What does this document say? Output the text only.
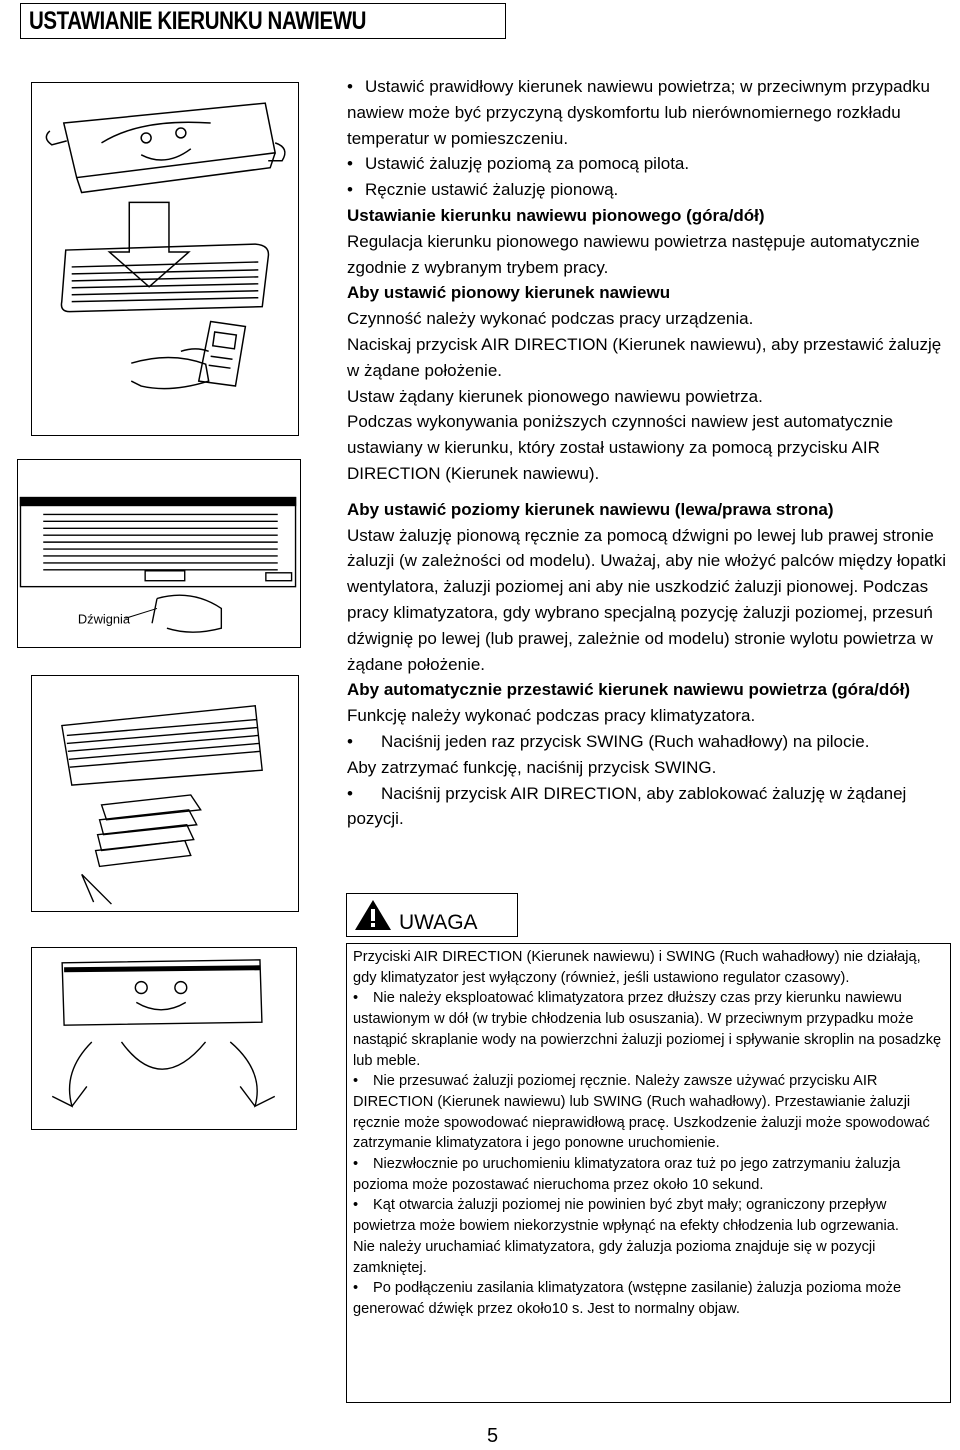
USTAWIANIE KIERUNKU NAWIEWU
Dźwignia

• Ustawić prawidłowy kierunek nawiewu powietrza; w przeciwnym przypadku nawiew może być przyczyną dyskomfortu lub nierównomiernego rozkładu temperatur w pomieszczeniu.

• Ustawić żaluzję poziomą za pomocą pilota.

• Ręcznie ustawić żaluzję pionową.

Ustawianie kierunku nawiewu pionowego (góra/dół)

Regulacja kierunku pionowego nawiewu powietrza następuje automatycznie zgodnie z wybranym trybem pracy.

Aby ustawić pionowy kierunek nawiewu

Czynność należy wykonać podczas pracy urządzenia.

Naciskaj przycisk AIR DIRECTION (Kierunek nawiewu), aby przestawić żaluzję w żądane położenie.

Ustaw żądany kierunek pionowego nawiewu powietrza.

Podczas wykonywania poniższych czynności nawiew jest automatycznie ustawiany w kierunku, który został ustawiony za pomocą przycisku AIR DIRECTION (Kierunek nawiewu).

Aby ustawić poziomy kierunek nawiewu (lewa/prawa strona)

Ustaw żaluzję pionową ręcznie za pomocą dźwigni po lewej lub prawej stronie żaluzji (w zależności od modelu). Uważaj, aby nie włożyć palców między łopatki wentylatora, żaluzji poziomej ani aby nie uszkodzić żaluzji pionowej. Podczas pracy klimatyzatora, gdy wybrano specjalną pozycję żaluzji poziomej, przesuń dźwignię po lewej (lub prawej, zależnie od modelu) stronie wylotu powietrza w żądane położenie.

Aby automatycznie przestawić kierunek nawiewu powietrza (góra/dół)

Funkcję należy wykonać podczas pracy klimatyzatora.

• Naciśnij jeden raz przycisk SWING (Ruch wahadłowy) na pilocie.

Aby zatrzymać funkcję, naciśnij przycisk SWING.

• Naciśnij przycisk AIR DIRECTION, aby zablokować żaluzję w żądanej pozycji.

UWAGA

Przyciski AIR DIRECTION (Kierunek nawiewu) i SWING (Ruch wahadłowy) nie działają, gdy klimatyzator jest wyłączony (również, jeśli ustawiono regulator czasowy).

• Nie należy eksploatować klimatyzatora przez dłuższy czas przy kierunku nawiewu ustawionym w dół (w trybie chłodzenia lub osuszania). W przeciwnym przypadku może nastąpić skraplanie wody na powierzchni żaluzji poziomej i spływanie skroplin na posadzkę lub meble.

• Nie przesuwać żaluzji poziomej ręcznie. Należy zawsze używać przycisku AIR DIRECTION (Kierunek nawiewu) lub SWING (Ruch wahadłowy). Przestawianie żaluzji ręcznie może spowodować nieprawidłową pracę. Uszkodzenie żaluzji może spowodować zatrzymanie klimatyzatora i jego ponowne uruchomienie.

• Niezwłocznie po uruchomieniu klimatyzatora oraz tuż po jego zatrzymaniu żaluzja pozioma może pozostawać nieruchoma przez około 10 sekund.

• Kąt otwarcia żaluzji poziomej nie powinien być zbyt mały; ograniczony przepływ powietrza może bowiem niekorzystnie wpłynąć na efekty chłodzenia lub ogrzewania.

Nie należy uruchamiać klimatyzatora, gdy żaluzja pozioma znajduje się w pozycji zamkniętej.

• Po podłączeniu zasilania klimatyzatora (wstępne zasilanie) żaluzja pozioma może generować dźwięk przez około10 s. Jest to normalny objaw.

5
